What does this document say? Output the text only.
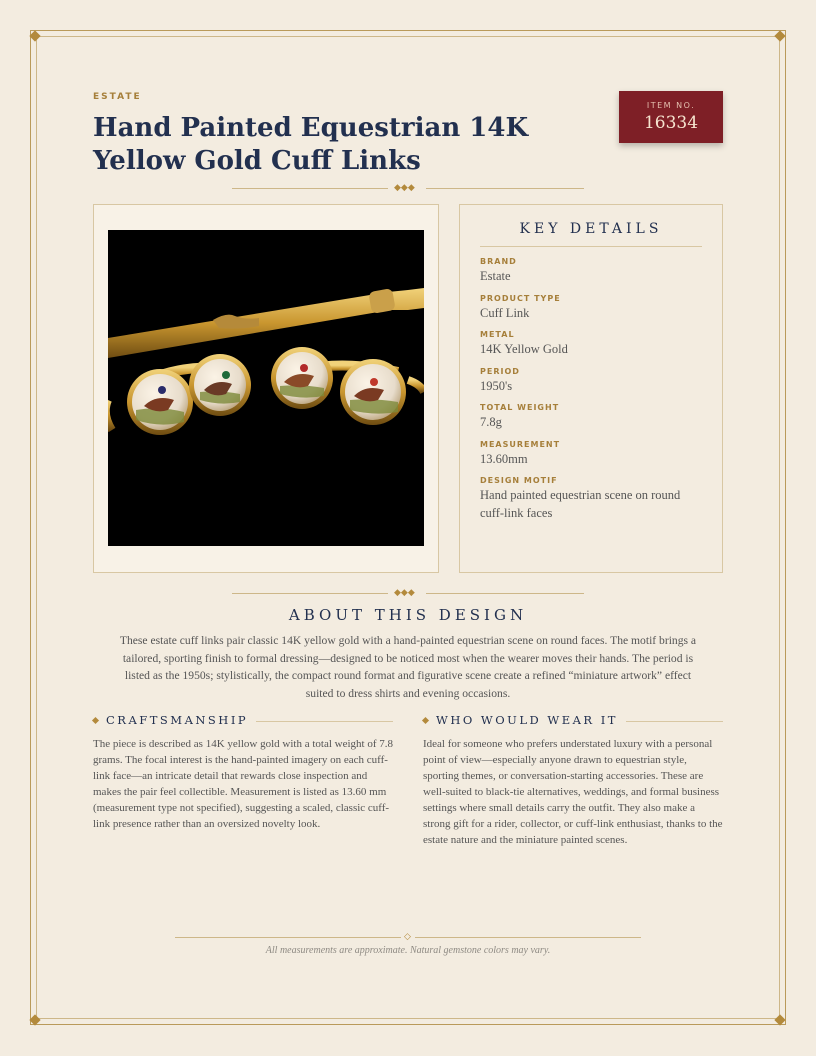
ESTATE
Hand Painted Equestrian 14K Yellow Gold Cuff Links
ITEM NO.
16334
◆◆◆
KEY DETAILS
BRAND
Estate
PRODUCT TYPE
Cuff Link
METAL
14K Yellow Gold
PERIOD
1950's
TOTAL WEIGHT
7.8g
MEASUREMENT
13.60mm
DESIGN MOTIF
Hand painted equestrian scene on round cuff-link faces
◆◆◆
ABOUT THIS DESIGN

These estate cuff links pair classic 14K yellow gold with a hand-painted equestrian scene on round faces. The motif brings a tailored, sporting finish to formal dressing—designed to be noticed most when the wearer moves their hands. The period is listed as the 1950s; stylistically, the compact round format and figurative scene create a refined “miniature artwork” effect suited to dress shirts and evening occasions.

CRAFTSMANSHIP

The piece is described as 14K yellow gold with a total weight of 7.8 grams. The focal interest is the hand-painted imagery on each cuff-link face—an intricate detail that rewards close inspection and makes the pair feel collectible. Measurement is listed as 13.60 mm (measurement type not specified), suggesting a scaled, classic cuff-link presence rather than an oversized novelty look.

WHO WOULD WEAR IT

Ideal for someone who prefers understated luxury with a personal point of view—especially anyone drawn to equestrian style, sporting themes, or conversation-starting accessories. These are well-suited to black-tie alternatives, weddings, and formal business settings where small details carry the outfit. They also make a strong gift for a rider, collector, or cuff-link enthusiast, thanks to the estate nature and the miniature painted scenes.

◇
All measurements are approximate. Natural gemstone colors may vary.
